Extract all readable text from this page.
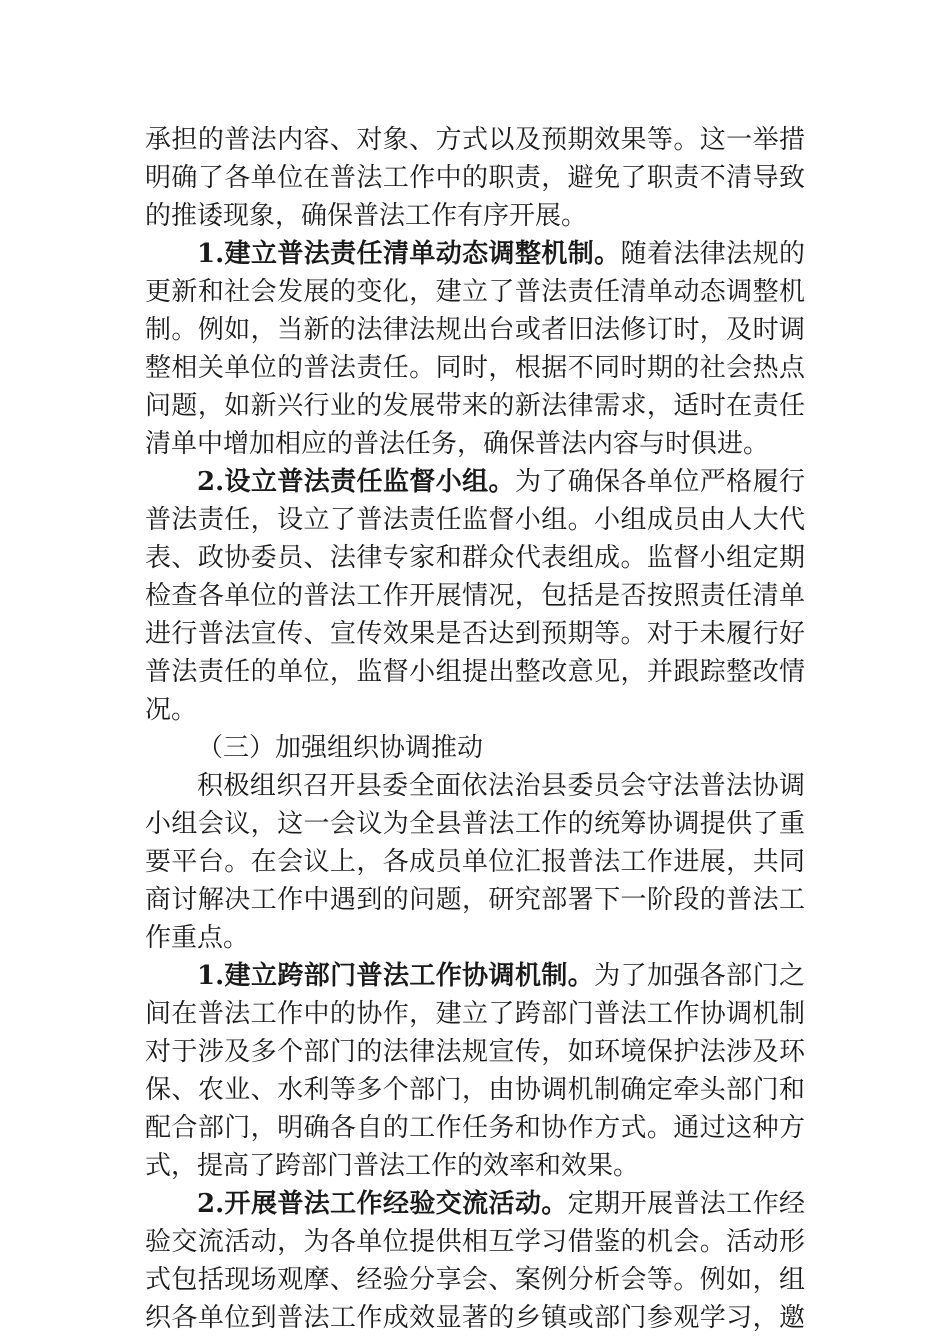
承担的普法内容、对象、方式以及预期效果等。这一举措
明确了各单位在普法工作中的职责，避免了职责不清导致
的推诿现象，确保普法工作有序开展。
1.建立普法责任清单动态调整机制。随着法律法规的
更新和社会发展的变化，建立了普法责任清单动态调整机
制。例如，当新的法律法规出台或者旧法修订时，及时调
整相关单位的普法责任。同时，根据不同时期的社会热点
问题，如新兴行业的发展带来的新法律需求，适时在责任
清单中增加相应的普法任务，确保普法内容与时俱进。
2.设立普法责任监督小组。为了确保各单位严格履行
普法责任，设立了普法责任监督小组。小组成员由人大代
表、政协委员、法律专家和群众代表组成。监督小组定期
检查各单位的普法工作开展情况，包括是否按照责任清单
进行普法宣传、宣传效果是否达到预期等。对于未履行好
普法责任的单位，监督小组提出整改意见，并跟踪整改情
况。
（三）加强组织协调推动
积极组织召开县委全面依法治县委员会守法普法协调
小组会议，这一会议为全县普法工作的统筹协调提供了重
要平台。在会议上，各成员单位汇报普法工作进展，共同
商讨解决工作中遇到的问题，研究部署下一阶段的普法工
作重点。
1.建立跨部门普法工作协调机制。为了加强各部门之
间在普法工作中的协作，建立了跨部门普法工作协调机制
对于涉及多个部门的法律法规宣传，如环境保护法涉及环
保、农业、水利等多个部门，由协调机制确定牵头部门和
配合部门，明确各自的工作任务和协作方式。通过这种方
式，提高了跨部门普法工作的效率和效果。
2.开展普法工作经验交流活动。定期开展普法工作经
验交流活动，为各单位提供相互学习借鉴的机会。活动形
式包括现场观摩、经验分享会、案例分析会等。例如，组
织各单位到普法工作成效显著的乡镇或部门参观学习，邀
